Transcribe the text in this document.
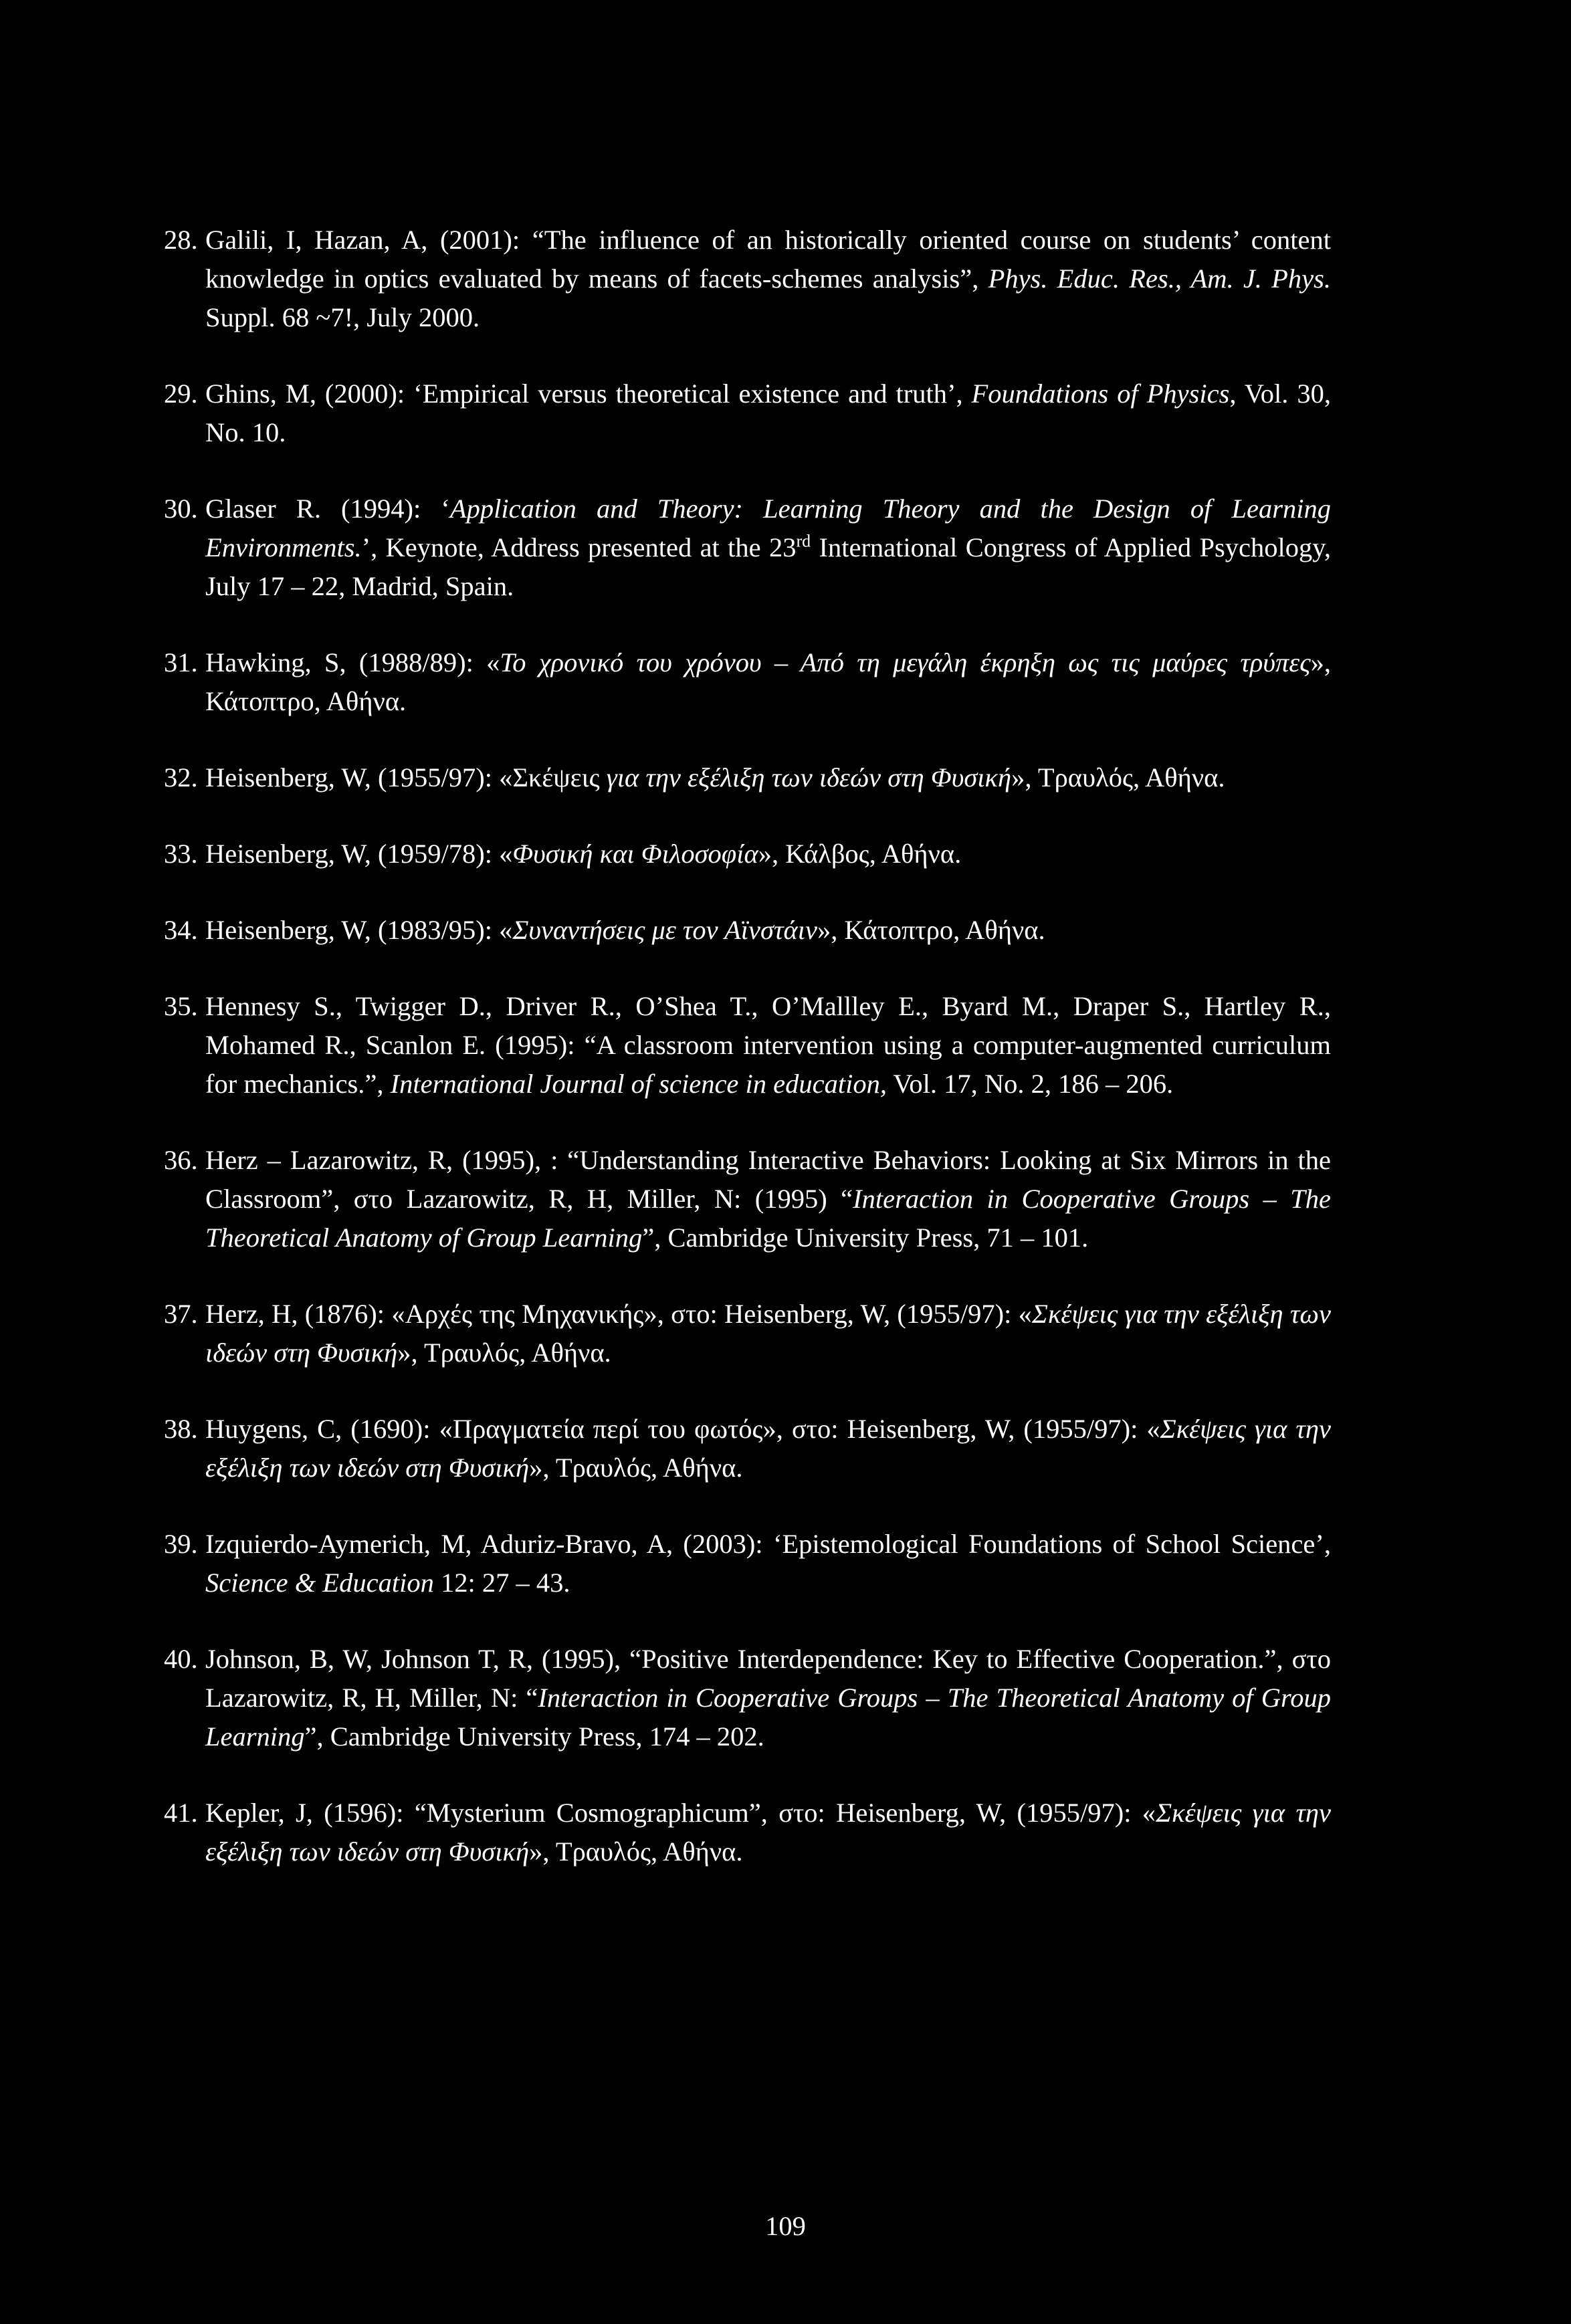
28. Galili, I, Hazan, A, (2001): “The influence of an historically oriented course on students’ content knowledge in optics evaluated by means of facets-schemes analysis”, Phys. Educ. Res., Am. J. Phys. Suppl. 68 ~7!, July 2000.
29. Ghins, M, (2000): ‘Empirical versus theoretical existence and truth’, Foundations of Physics, Vol. 30, No. 10.
30. Glaser R. (1994): ‘Application and Theory: Learning Theory and the Design of Learning Environments.’, Keynote, Address presented at the 23rd International Congress of Applied Psychology, July 17 – 22, Madrid, Spain.
31. Hawking, S, (1988/89): «Το χρονικό του χρόνου – Από τη μεγάλη έκρηξη ως τις μαύρες τρύπες», Κάτοπτρο, Αθήνα.
32. Heisenberg, W, (1955/97): «Σκέψεις για την εξέλιξη των ιδεών στη Φυσική», Τραυλός, Αθήνα.
33. Heisenberg, W, (1959/78): «Φυσική και Φιλοσοφία», Κάλβος, Αθήνα.
34. Heisenberg, W, (1983/95): «Συναντήσεις με τον Αϊνστάιν», Κάτοπτρο, Αθήνα.
35. Hennesy S., Twigger D., Driver R., O’Shea T., O’Mallley E., Byard M., Draper S., Hartley R., Mohamed R., Scanlon E. (1995): “A classroom intervention using a computer-augmented curriculum for mechanics.”, International Journal of science in education, Vol. 17, No. 2, 186 – 206.
36. Herz – Lazarowitz, R, (1995), : “Understanding Interactive Behaviors: Looking at Six Mirrors in the Classroom”, στο Lazarowitz, R, H, Miller, N: (1995) “Interaction in Cooperative Groups – The Theoretical Anatomy of Group Learning”, Cambridge University Press, 71 – 101.
37. Herz, H, (1876): «Αρχές της Μηχανικής», στο: Heisenberg, W, (1955/97): «Σκέψεις για την εξέλιξη των ιδεών στη Φυσική», Τραυλός, Αθήνα.
38. Huygens, C, (1690): «Πραγματεία περί του φωτός», στο: Heisenberg, W, (1955/97): «Σκέψεις για την εξέλιξη των ιδεών στη Φυσική», Τραυλός, Αθήνα.
39. Izquierdo-Aymerich, M, Aduriz-Bravo, A, (2003): ‘Epistemological Foundations of School Science’, Science & Education 12: 27 – 43.
40. Johnson, B, W, Johnson T, R, (1995), “Positive Interdependence: Key to Effective Cooperation.”, στο Lazarowitz, R, H, Miller, N: “Interaction in Cooperative Groups – The Theoretical Anatomy of Group Learning”, Cambridge University Press, 174 – 202.
41. Kepler, J, (1596): “Mysterium Cosmographicum”, στο: Heisenberg, W, (1955/97): «Σκέψεις για την εξέλιξη των ιδεών στη Φυσική», Τραυλός, Αθήνα.
109
